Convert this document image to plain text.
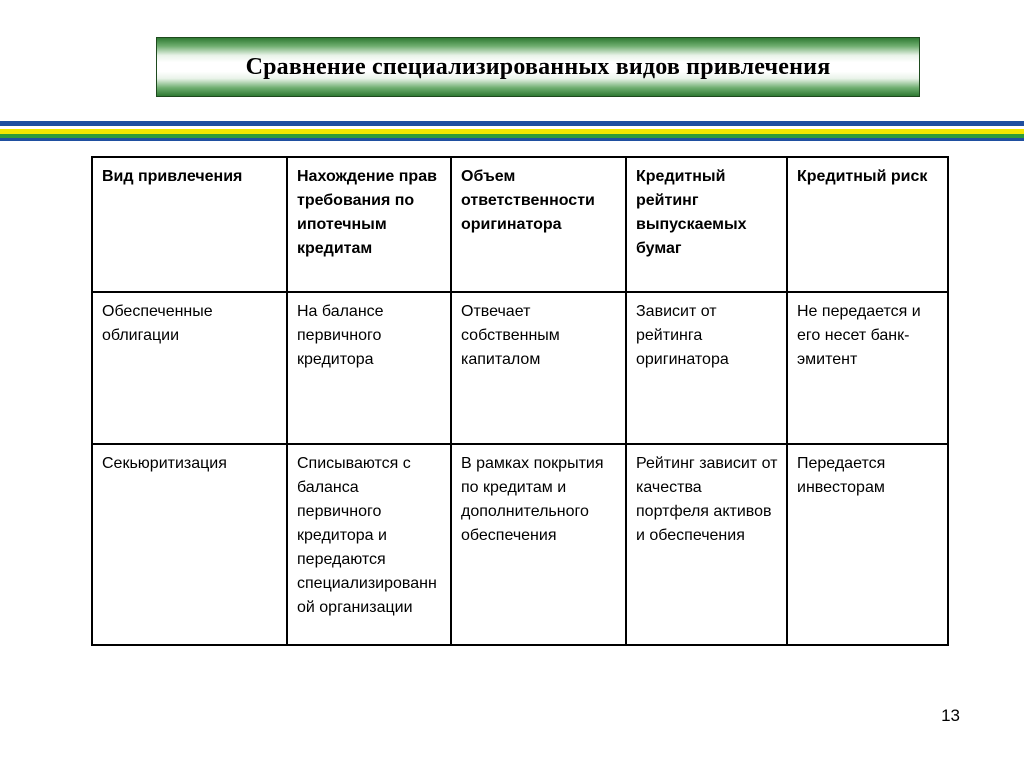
Сравнение специализированных видов привлечения
Вид привлечения	Нахождение прав требования по ипотечным кредитам	Объем ответственности оригинатора	Кредитный рейтинг выпускаемых бумаг	Кредитный риск
Обеспеченные облигации	На балансе первичного кредитора	Отвечает собственным капиталом	Зависит от рейтинга оригинатора	Не передается и его несет банк-эмитент
Секьюритизация	Списываются с баланса первичного кредитора и передаются специализированной организации	В рамках покрытия по кредитам и дополнительного обеспечения	Рейтинг зависит от качества портфеля активов и обеспечения	Передается инвесторам
13
